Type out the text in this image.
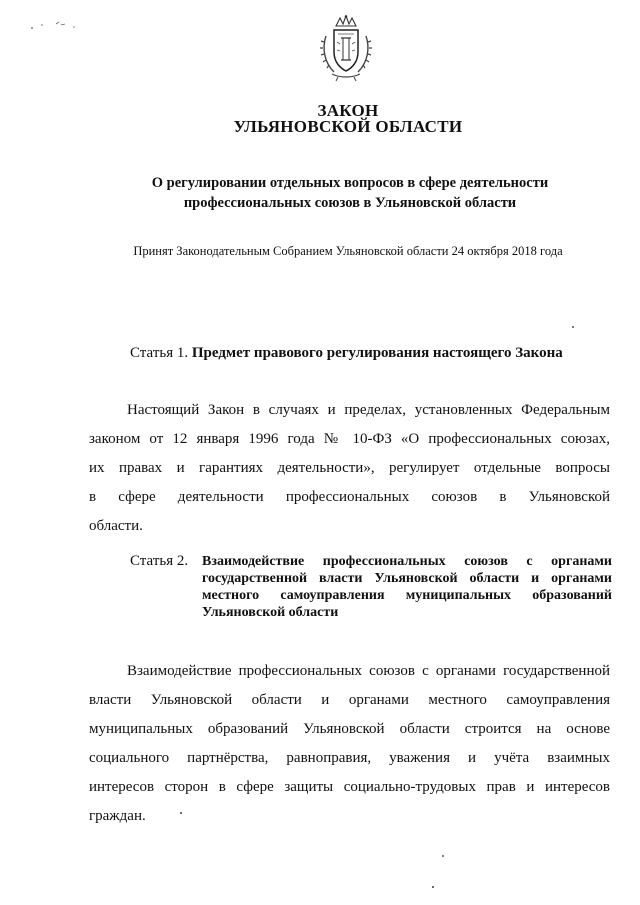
ЗАКОН
УЛЬЯНОВСКОЙ ОБЛАСТИ
О регулировании отдельных вопросов в сфере деятельности
профессиональных союзов в Ульяновской области
Принят Законодательным Собранием Ульяновской области 24 октября 2018 года
Статья 1. Предмет правового регулирования настоящего Закона
Настоящий Закон в случаях и пределах, установленных Федеральным
законом от 12 января 1996 года № 10-ФЗ «О профессиональных союзах,
их правах и гарантиях деятельности», регулирует отдельные вопросы
в сфере деятельности профессиональных союзов в Ульяновской
области.
Статья 2. Взаимодействие профессиональных союзов с органами
государственной власти Ульяновской области и органами
местного самоуправления муниципальных образований
Ульяновской области
Взаимодействие профессиональных союзов с органами государственной
власти Ульяновской области и органами местного самоуправления
муниципальных образований Ульяновской области строится на основе
социального партнёрства, равноправия, уважения и учёта взаимных
интересов сторон в сфере защиты социально-трудовых прав и интересов
граждан.
